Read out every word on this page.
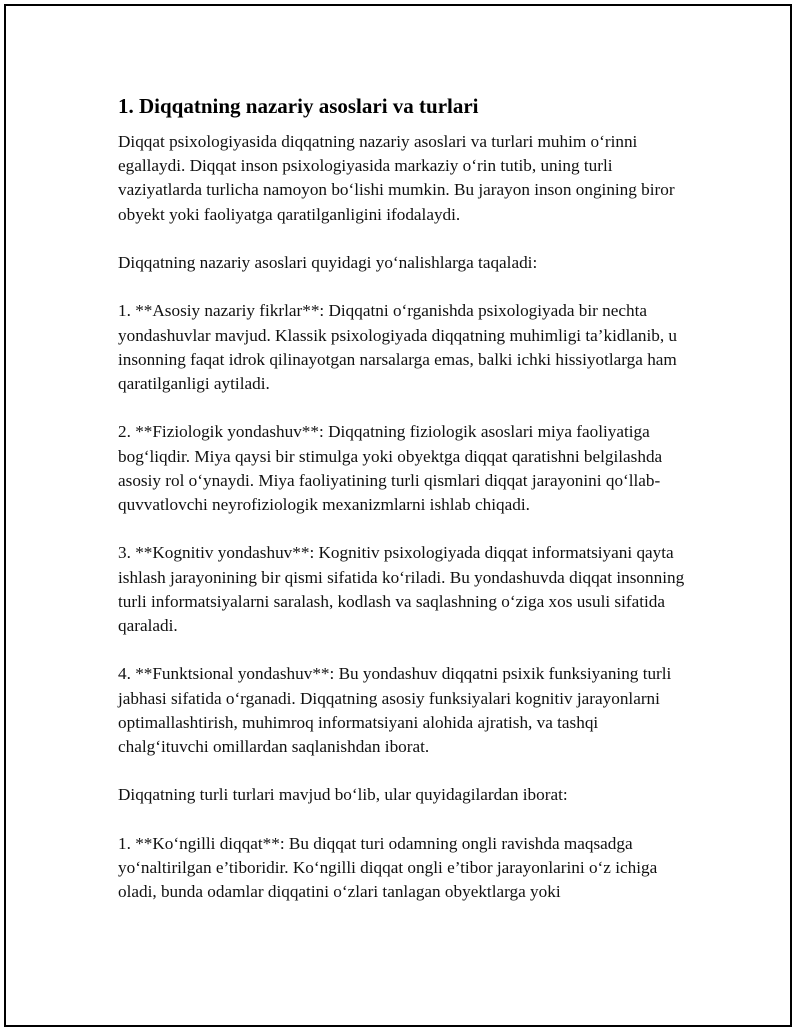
1. Diqqatning nazariy asoslari va turlari

Diqqat psixologiyasida diqqatning nazariy asoslari va turlari muhim o‘rinni egallaydi. Diqqat inson psixologiyasida markaziy o‘rin tutib, uning turli vaziyatlarda turlicha namoyon bo‘lishi mumkin. Bu jarayon inson ongining biror obyekt yoki faoliyatga qaratilganligini ifodalaydi.

Diqqatning nazariy asoslari quyidagi yo‘nalishlarga taqaladi:

1. **Asosiy nazariy fikrlar**: Diqqatni o‘rganishda psixologiyada bir nechta yondashuvlar mavjud. Klassik psixologiyada diqqatning muhimligi ta’kidlanib, u insonning faqat idrok qilinayotgan narsalarga emas, balki ichki hissiyotlarga ham qaratilganligi aytiladi.

2. **Fiziologik yondashuv**: Diqqatning fiziologik asoslari miya faoliyatiga bog‘liqdir. Miya qaysi bir stimulga yoki obyektga diqqat qaratishni belgilashda asosiy rol o‘ynaydi. Miya faoliyatining turli qismlari diqqat jarayonini qo‘llab-quvvatlovchi neyrofiziologik mexanizmlarni ishlab chiqadi.

3. **Kognitiv yondashuv**: Kognitiv psixologiyada diqqat informatsiyani qayta ishlash jarayonining bir qismi sifatida ko‘riladi. Bu yondashuvda diqqat insonning turli informatsiyalarni saralash, kodlash va saqlashning o‘ziga xos usuli sifatida qaraladi.

4. **Funktsional yondashuv**: Bu yondashuv diqqatni psixik funksiyaning turli jabhasi sifatida o‘rganadi. Diqqatning asosiy funksiyalari kognitiv jarayonlarni optimallashtirish, muhimroq informatsiyani alohida ajratish, va tashqi chalg‘ituvchi omillardan saqlanishdan iborat.

Diqqatning turli turlari mavjud bo‘lib, ular quyidagilardan iborat:

1. **Ko‘ngilli diqqat**: Bu diqqat turi odamning ongli ravishda maqsadga yo‘naltirilgan e’tiboridir. Ko‘ngilli diqqat ongli e’tibor jarayonlarini o‘z ichiga oladi, bunda odamlar diqqatini o‘zlari tanlagan obyektlarga yoki
